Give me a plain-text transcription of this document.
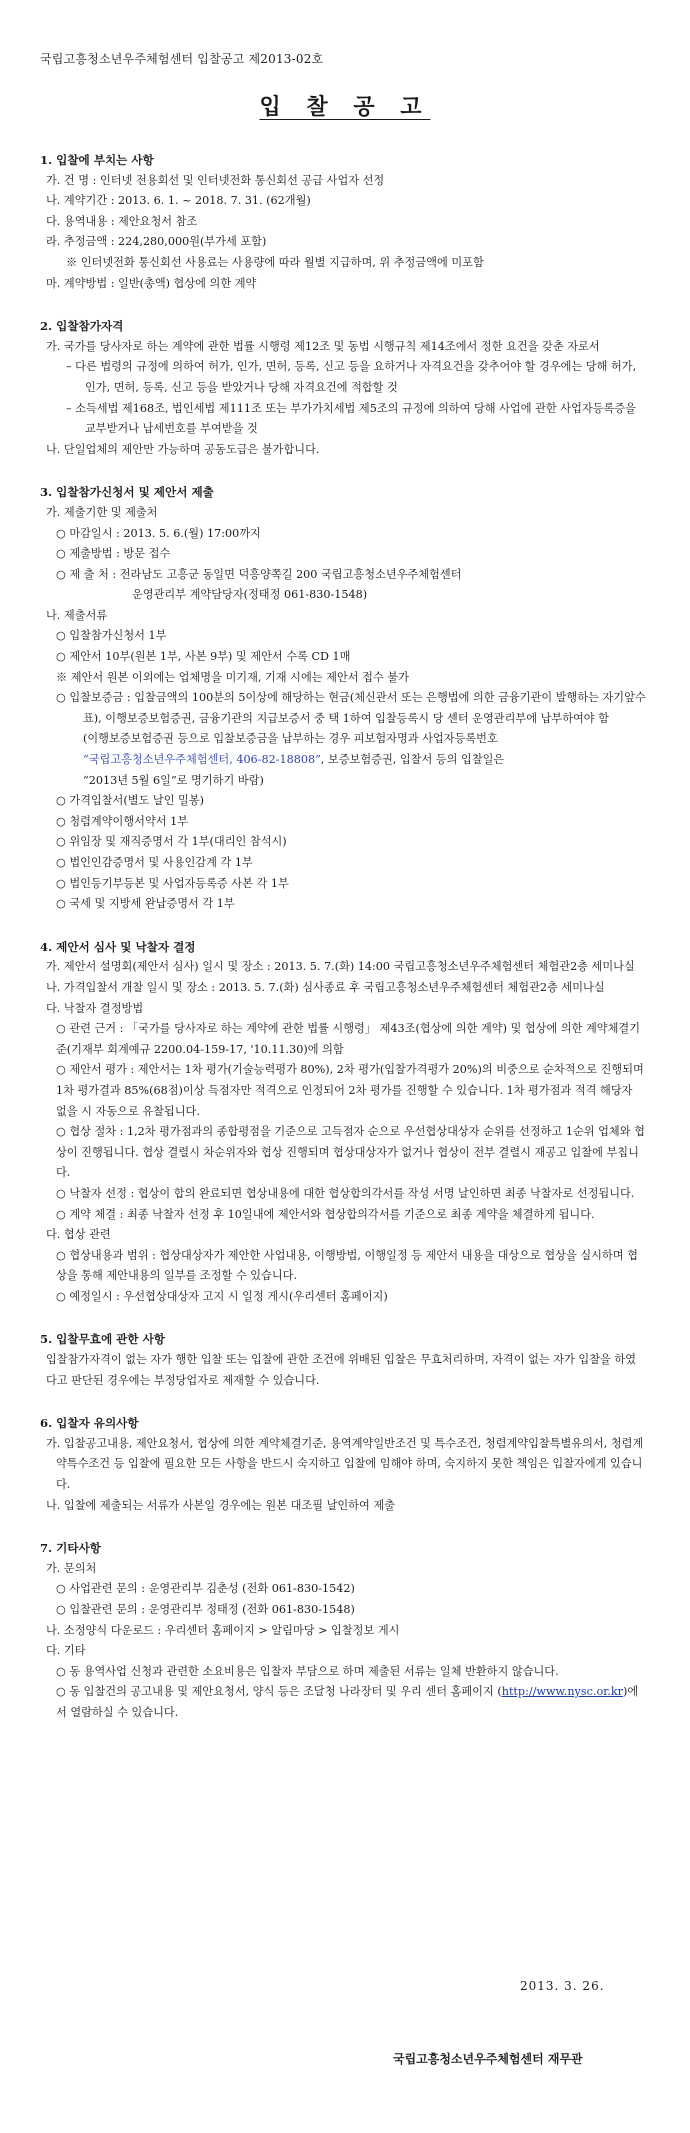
국립고흥청소년우주체험센터 입찰공고 제2013-02호
입 찰 공 고

1. 입찰에 부치는 사항

가. 건 명 : 인터넷 전용회선 및 인터넷전화 통신회선 공급 사업자 선정

나. 계약기간 : 2013. 6. 1. ~ 2018. 7. 31. (62개월)

다. 용역내용 : 제안요청서 참조

라. 추정금액 : 224,280,000원(부가세 포함)

※ 인터넷전화 통신회선 사용료는 사용량에 따라 월별 지급하며, 위 추정금액에 미포함

마. 계약방법 : 일반(총액) 협상에 의한 계약

2. 입찰참가자격

가. 국가를 당사자로 하는 계약에 관한 법률 시행령 제12조 및 동법 시행규칙 제14조에서 정한 요건을 갖춘 자로서

– 다른 법령의 규정에 의하여 허가, 인가, 면허, 등록, 신고 등을 요하거나 자격요건을 갖추어야 할 경우에는 당해 허가, 인가, 면허, 등록, 신고 등을 받았거나 당해 자격요건에 적합할 것

– 소득세법 제168조, 법인세법 제111조 또는 부가가치세법 제5조의 규정에 의하여 당해 사업에 관한 사업자등록증을 교부받거나 납세번호를 부여받을 것

나. 단일업체의 제안만 가능하며 공동도급은 불가합니다.

3. 입찰참가신청서 및 제안서 제출

가. 제출기한 및 제출처

○ 마감일시 : 2013. 5. 6.(월) 17:00까지

○ 제출방법 : 방문 접수

○ 제 출 처 : 전라남도 고흥군 동일면 덕흥양쪽길 200 국립고흥청소년우주체험센터

운영관리부 계약담당자(정태정 061-830-1548)

나. 제출서류

○ 입찰참가신청서 1부

○ 제안서 10부(원본 1부, 사본 9부) 및 제안서 수록 CD 1매

※ 제안서 원본 이외에는 업체명을 미기재, 기재 시에는 제안서 접수 불가

○ 입찰보증금 : 입찰금액의 100분의 5이상에 해당하는 현금(체신관서 또는 은행법에 의한 금융기관이 발행하는 자기앞수표), 이행보증보험증권, 금융기관의 지급보증서 중 택 1하여 입찰등록시 당 센터 운영관리부에 납부하여야 함

(이행보증보험증권 등으로 입찰보증금을 납부하는 경우 피보험자명과 사업자등록번호

“국립고흥청소년우주체험센터, 406-82-18808”, 보증보험증권, 입찰서 등의 입찰일은

“2013년 5월 6일”로 명기하기 바람)

○ 가격입찰서(별도 날인 밀봉)

○ 청렴계약이행서약서 1부

○ 위임장 및 재직증명서 각 1부(대리인 참석시)

○ 법인인감증명서 및 사용인감계 각 1부

○ 법인등기부등본 및 사업자등록증 사본 각 1부

○ 국세 및 지방세 완납증명서 각 1부

4. 제안서 심사 및 낙찰자 결정

가. 제안서 설명회(제안서 심사) 일시 및 장소 : 2013. 5. 7.(화) 14:00 국립고흥청소년우주체험센터 체험관2층 세미나실

나. 가격입찰서 개찰 일시 및 장소 : 2013. 5. 7.(화) 심사종료 후 국립고흥청소년우주체험센터 체험관2층 세미나실

다. 낙찰자 결정방법

○ 관련 근거 : 「국가를 당사자로 하는 계약에 관한 법률 시행령」 제43조(협상에 의한 계약) 및 협상에 의한 계약체결기준(기재부 회계예규 2200.04-159-17, '10.11.30)에 의함

○ 제안서 평가 : 제안서는 1차 평가(기술능력평가 80%), 2차 평가(입찰가격평가 20%)의 비중으로 순차적으로 진행되며 1차 평가결과 85%(68점)이상 득점자만 적격으로 인정되어 2차 평가를 진행할 수 있습니다. 1차 평가점과 적격 해당자 없을 시 자동으로 유찰됩니다.

○ 협상 절차 : 1,2차 평가점과의 종합평점을 기준으로 고득점자 순으로 우선협상대상자 순위를 선정하고 1순위 업체와 협상이 진행됩니다. 협상 결렬시 차순위자와 협상 진행되며 협상대상자가 없거나 협상이 전부 결렬시 재공고 입찰에 부칩니다.

○ 낙찰자 선정 : 협상이 합의 완료되면 협상내용에 대한 협상합의각서를 작성 서명 날인하면 최종 낙찰자로 선정됩니다.

○ 계약 체결 : 최종 낙찰자 선정 후 10일내에 제안서와 협상합의각서를 기준으로 최종 계약을 체결하게 됩니다.

다. 협상 관련

○ 협상내용과 범위 : 협상대상자가 제안한 사업내용, 이행방법, 이행일정 등 제안서 내용을 대상으로 협상을 실시하며 협상을 통해 제안내용의 일부를 조정할 수 있습니다.

○ 예정일시 : 우선협상대상자 고지 시 일정 게시(우리센터 홈페이지)

5. 입찰무효에 관한 사항

입찰참가자격이 없는 자가 행한 입찰 또는 입찰에 관한 조건에 위배된 입찰은 무효처리하며, 자격이 없는 자가 입찰을 하였다고 판단된 경우에는 부정당업자로 제재할 수 있습니다.

6. 입찰자 유의사항

가. 입찰공고내용, 제안요청서, 협상에 의한 계약체결기준, 용역계약일반조건 및 특수조건, 청렴계약입찰특별유의서, 청렴계약특수조건 등 입찰에 필요한 모든 사항을 반드시 숙지하고 입찰에 임해야 하며, 숙지하지 못한 책임은 입찰자에게 있습니다.

나. 입찰에 제출되는 서류가 사본일 경우에는 원본 대조필 날인하여 제출

7. 기타사항

가. 문의처

○ 사업관련 문의 : 운영관리부 김춘성 (전화 061-830-1542)

○ 입찰관련 문의 : 운영관리부 정태정 (전화 061-830-1548)

나. 소정양식 다운로드 : 우리센터 홈페이지 > 알림마당 > 입찰정보 게시

다. 기타

○ 동 용역사업 신청과 관련한 소요비용은 입찰자 부담으로 하며 제출된 서류는 일체 반환하지 않습니다.

○ 동 입찰건의 공고내용 및 제안요청서, 양식 등은 조달청 나라장터 및 우리 센터 홈페이지 (http://www.nysc.or.kr)에서 열람하실 수 있습니다.

2013. 3. 26.
국립고흥청소년우주체험센터 재무관
